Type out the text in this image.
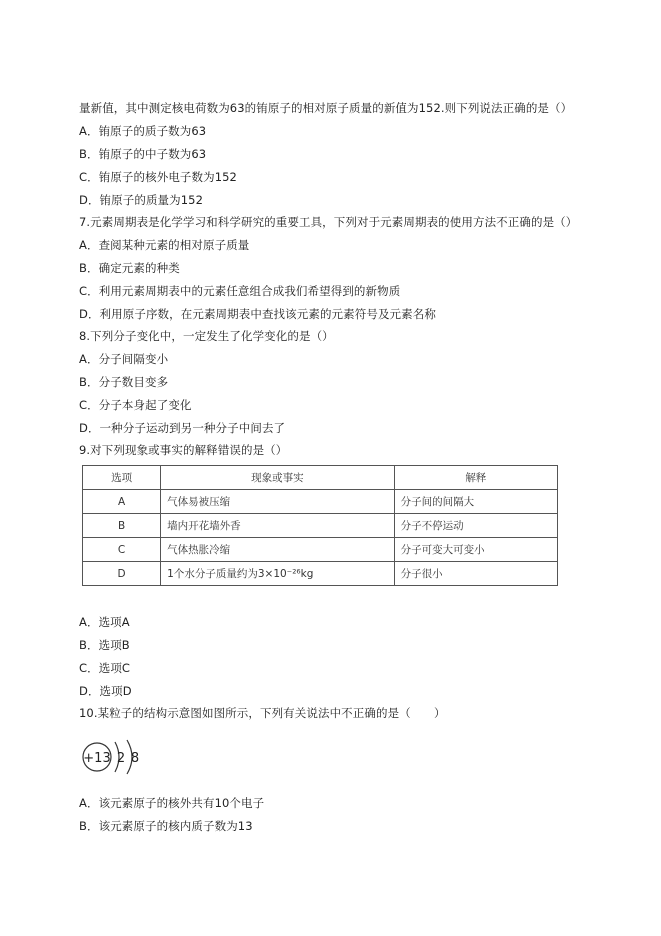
量新值，其中测定核电荷数为63的铕原子的相对原子质量的新值为152.则下列说法正确的是（）
A．铕原子的质子数为63
B．铕原子的中子数为63
C．铕原子的核外电子数为152
D．铕原子的质量为152
7.元素周期表是化学学习和科学研究的重要工具，下列对于元素周期表的使用方法不正确的是（）
A．查阅某种元素的相对原子质量
B．确定元素的种类
C．利用元素周期表中的元素任意组合成我们希望得到的新物质
D．利用原子序数，在元素周期表中查找该元素的元素符号及元素名称
8.下列分子变化中，一定发生了化学变化的是（）
A．分子间隔变小
B．分子数目变多
C．分子本身起了变化
D．一种分子运动到另一种分子中间去了
9.对下列现象或事实的解释错误的是（）
选项	现象或事实	解释
A	气体易被压缩	分子间的间隔大
B	墙内开花墙外香	分子不停运动
C	气体热胀冷缩	分子可变大可变小
D	1个水分子质量约为3×10⁻²⁶kg	分子很小
A．选项A
B．选项B
C．选项C
D．选项D
10.某粒子的结构示意图如图所示，下列有关说法中不正确的是（　　）
+13 2 8
A．该元素原子的核外共有10个电子
B．该元素原子的核内质子数为13
